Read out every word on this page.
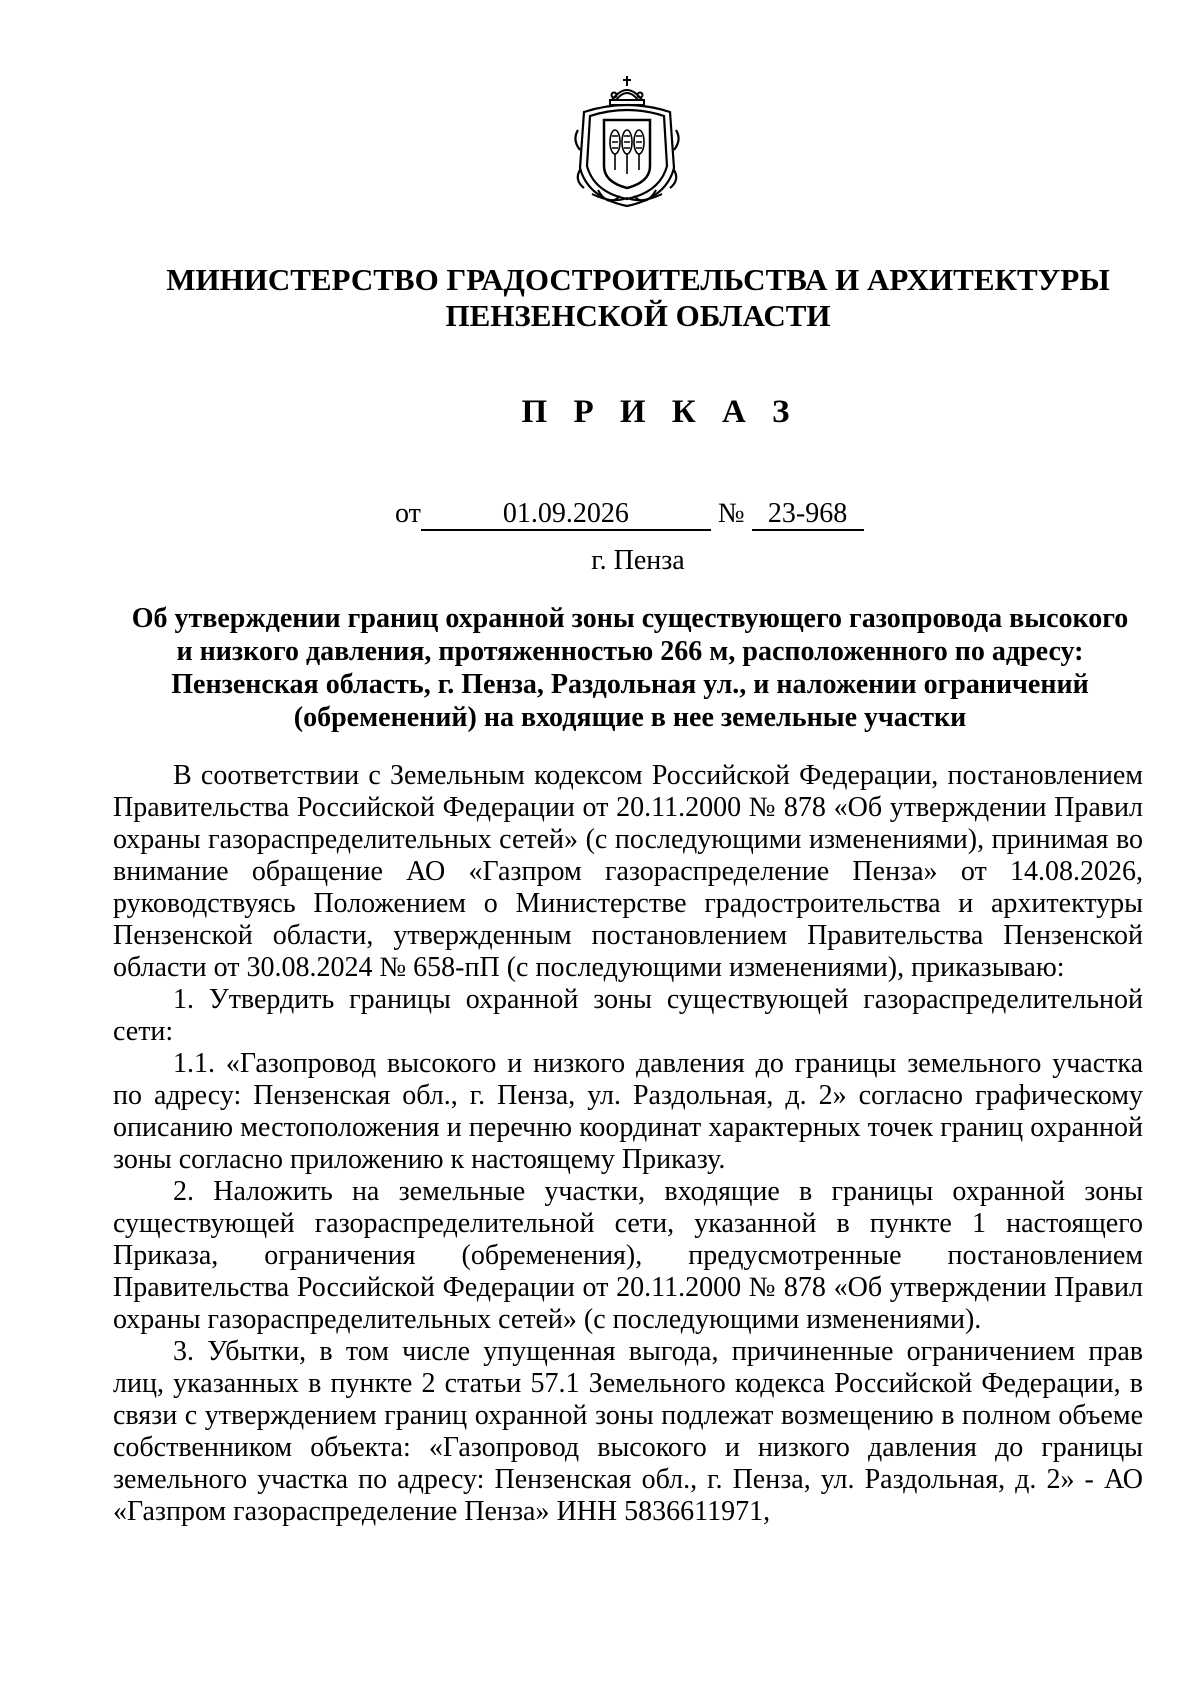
МИНИСТЕРСТВО ГРАДОСТРОИТЕЛЬСТВА И АРХИТЕКТУРЫ
ПЕНЗЕНСКОЙ ОБЛАСТИ
П Р И К А З
от	01.09.2026	№ 23-968
г. Пенза
Об утверждении границ охранной зоны существующего газопровода высокого
и низкого давления, протяженностью 266 м, расположенного по адресу:
Пензенская область, г. Пенза, Раздольная ул., и наложении ограничений
(обременений) на входящие в нее земельные участки

В соответствии с Земельным кодексом Российской Федерации, постановлением Правительства Российской Федерации от 20.11.2000 № 878 «Об утверждении Правил охраны газораспределительных сетей» (с последующими изменениями), принимая во внимание обращение АО «Газпром газораспределение Пенза» от 14.08.2026, руководствуясь Положением о Министерстве градостроительства и архитектуры Пензенской области, утвержденным постановлением Правительства Пензенской области от 30.08.2024 № 658-пП (с последующими изменениями), приказываю:

1. Утвердить границы охранной зоны существующей газораспределительной сети:

1.1. «Газопровод высокого и низкого давления до границы земельного участка по адресу: Пензенская обл., г. Пенза, ул. Раздольная, д. 2» согласно графическому описанию местоположения и перечню координат характерных точек границ охранной зоны согласно приложению к настоящему Приказу.

2. Наложить на земельные участки, входящие в границы охранной зоны существующей газораспределительной сети, указанной в пункте 1 настоящего Приказа, ограничения (обременения), предусмотренные постановлением Правительства Российской Федерации от 20.11.2000 № 878 «Об утверждении Правил охраны газораспределительных сетей» (с последующими изменениями).

3. Убытки, в том числе упущенная выгода, причиненные ограничением прав лиц, указанных в пункте 2 статьи 57.1 Земельного кодекса Российской Федерации, в связи с утверждением границ охранной зоны подлежат возмещению в полном объеме собственником объекта: «Газопровод высокого и низкого давления до границы земельного участка по адресу: Пензенская обл., г. Пенза, ул. Раздольная, д. 2» - АО «Газпром газораспределение Пенза» ИНН 5836611971,
